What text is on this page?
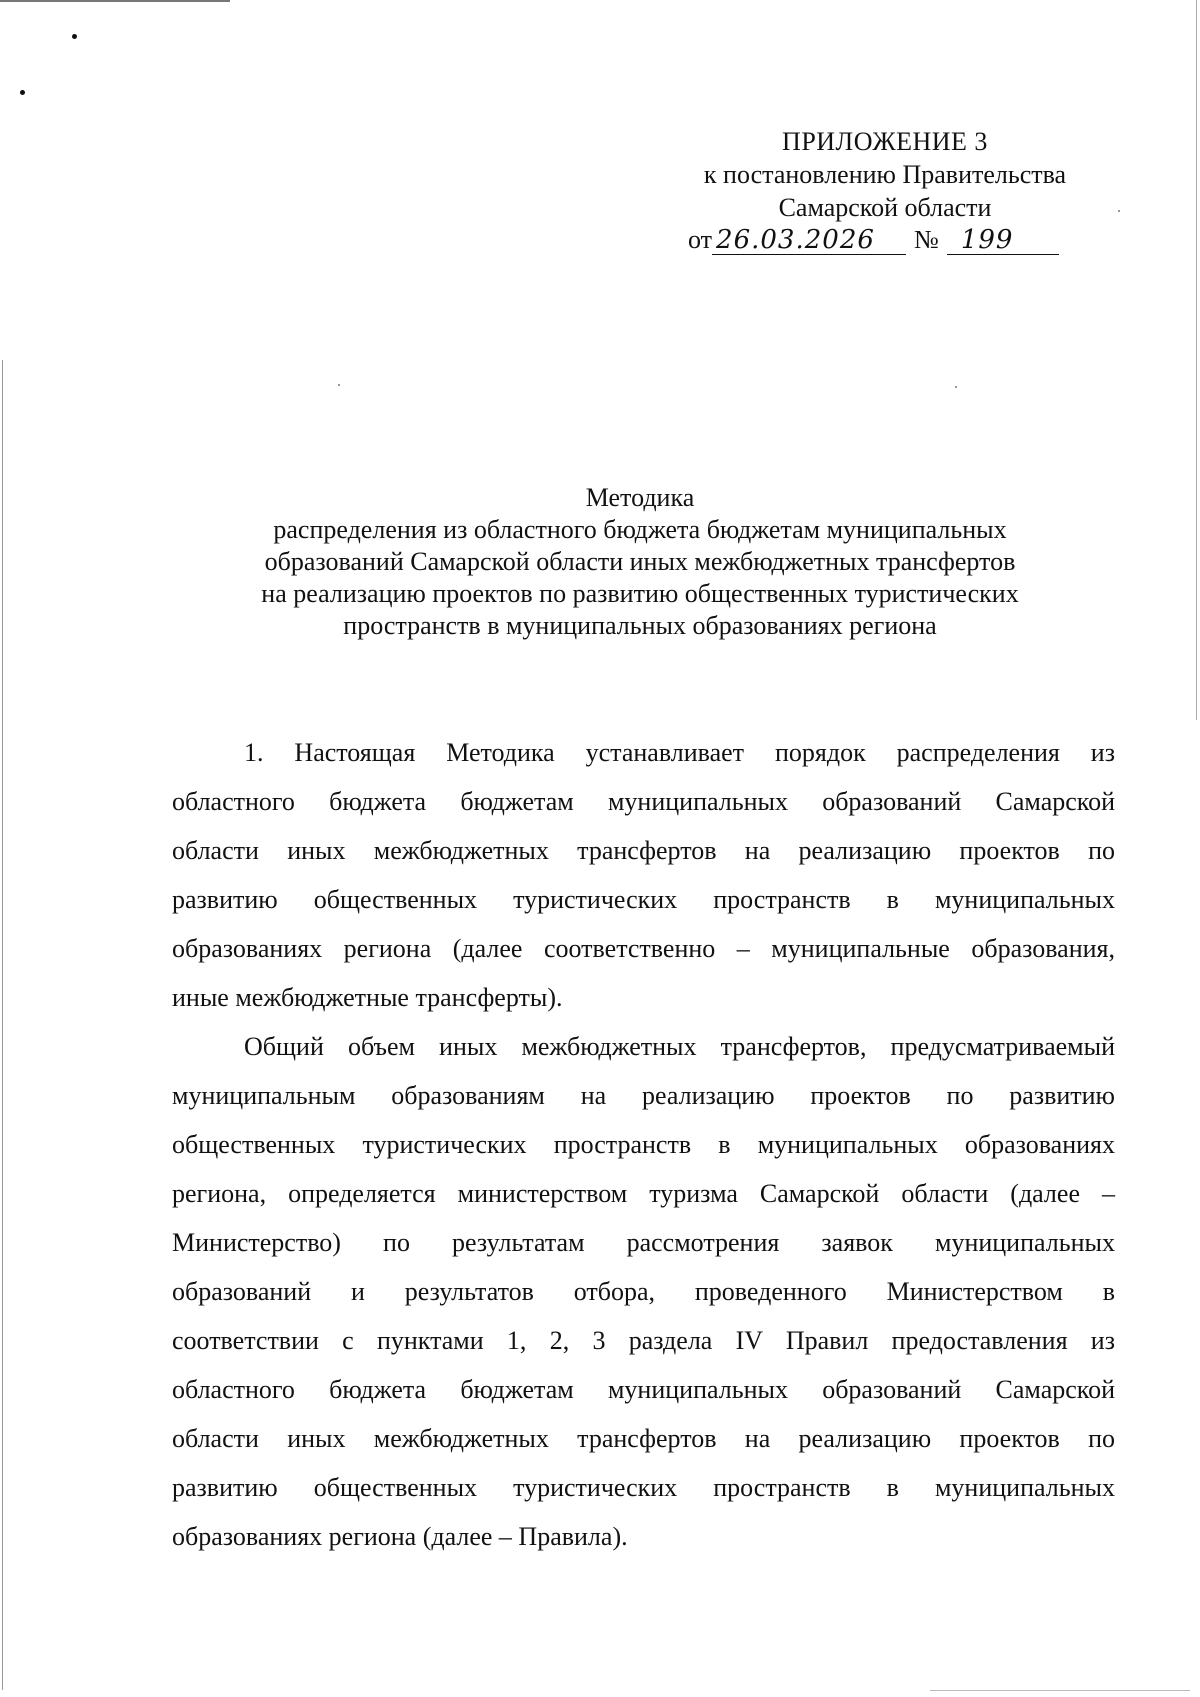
ПРИЛОЖЕНИЕ 3
к постановлению Правительства
Самарской области
от 26.03.2026 № 199
Методика
распределения из областного бюджета бюджетам муниципальных
образований Самарской области иных межбюджетных трансфертов
на реализацию проектов по развитию общественных туристических
пространств в муниципальных образованиях региона
1. Настоящая Методика устанавливает порядок распределения из
областного бюджета бюджетам муниципальных образований Самарской
области иных межбюджетных трансфертов на реализацию проектов по
развитию общественных туристических пространств в муниципальных
образованиях региона (далее соответственно – муниципальные образования,
иные межбюджетные трансферты).
Общий объем иных межбюджетных трансфертов, предусматриваемый
муниципальным образованиям на реализацию проектов по развитию
общественных туристических пространств в муниципальных образованиях
региона, определяется министерством туризма Самарской области (далее –
Министерство) по результатам рассмотрения заявок муниципальных
образований и результатов отбора, проведенного Министерством в
соответствии с пунктами 1, 2, 3 раздела IV Правил предоставления из
областного бюджета бюджетам муниципальных образований Самарской
области иных межбюджетных трансфертов на реализацию проектов по
развитию общественных туристических пространств в муниципальных
образованиях региона (далее – Правила).
